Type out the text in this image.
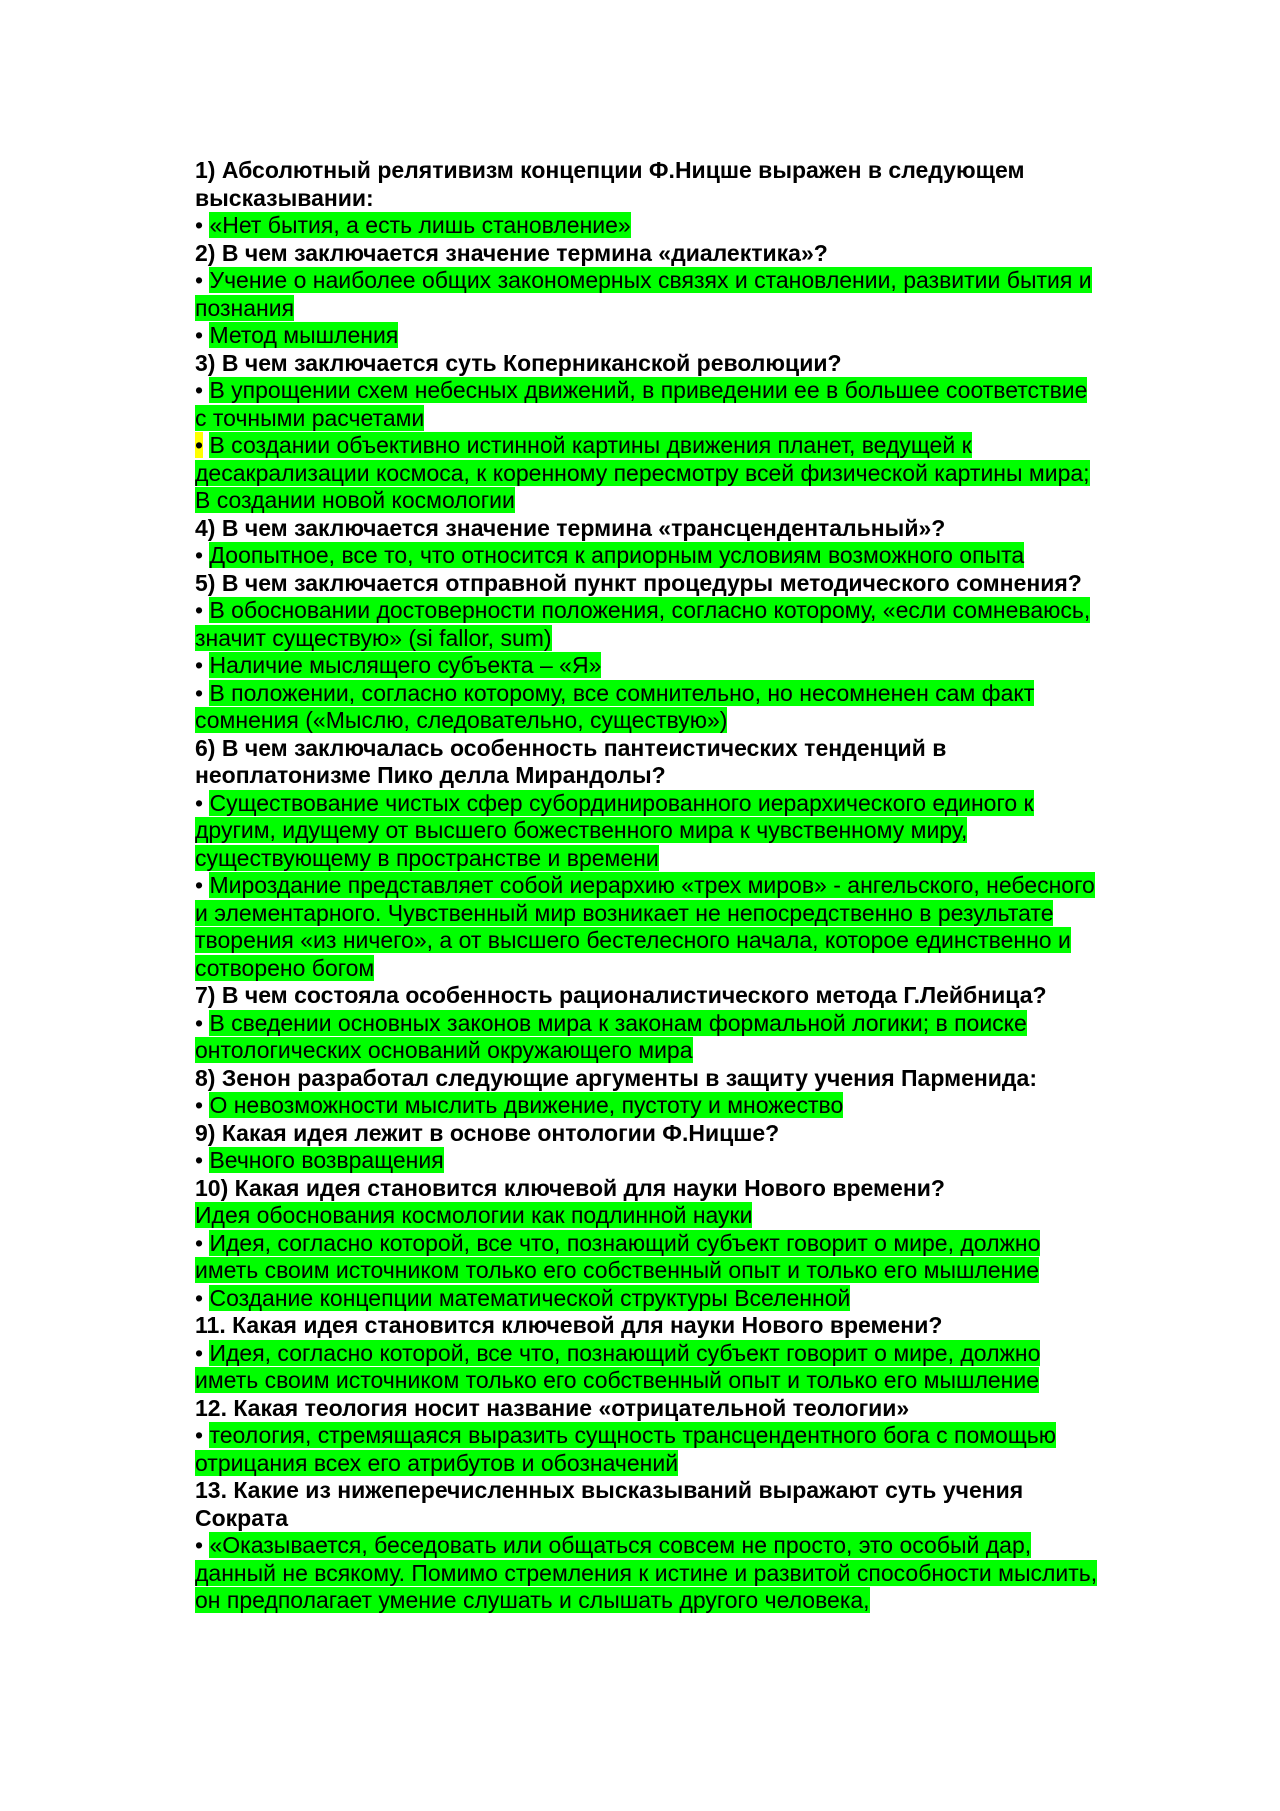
1) Абсолютный релятивизм концепции Ф.Ницше выражен в следующем высказывании:

• «Нет бытия, а есть лишь становление»

2) В чем заключается значение термина «диалектика»?

• Учение о наиболее общих закономерных связях и становлении, развитии бытия и познания

• Метод мышления

3) В чем заключается суть Коперниканской революции?

• В упрощении схем небесных движений, в приведении ее в большее соответствие с точными расчетами

• В создании объективно истинной картины движения планет, ведущей к десакрализации космоса, к коренному пересмотру всей физической картины мира;

В создании новой космологии

4) В чем заключается значение термина «трансцендентальный»?

• Доопытное, все то, что относится к априорным условиям возможного опыта

5) В чем заключается отправной пункт процедуры методического сомнения?

• В обосновании достоверности положения, согласно которому, «если сомневаюсь, значит существую» (si fallor, sum)

• Наличие мыслящего субъекта – «Я»

• В положении, согласно которому, все сомнительно, но несомненен сам факт сомнения («Мыслю, следовательно, существую»)

6) В чем заключалась особенность пантеистических тенденций в неоплатонизме Пико делла Мирандолы?

• Существование чистых сфер субординированного иерархического единого к другим, идущему от высшего божественного мира к чувственному миру, существующему в пространстве и времени

• Мироздание представляет собой иерархию «трех миров» - ангельского, небесного и элементарного. Чувственный мир возникает не непосредственно в результате творения «из ничего», а от высшего бестелесного начала, которое единственно и сотворено богом

7) В чем состояла особенность рационалистического метода Г.Лейбница?

• В сведении основных законов мира к законам формальной логики; в поиске онтологических оснований окружающего мира

8) Зенон разработал следующие аргументы в защиту учения Парменида:

• О невозможности мыслить движение, пустоту и множество

9) Какая идея лежит в основе онтологии Ф.Ницше?

• Вечного возвращения

10) Какая идея становится ключевой для науки Нового времени?

Идея обоснования космологии как подлинной науки

• Идея, согласно которой, все что, познающий субъект говорит о мире, должно иметь своим источником только его собственный опыт и только его мышление

• Создание концепции математической структуры Вселенной

11. Какая идея становится ключевой для науки Нового времени?

• Идея, согласно которой, все что, познающий субъект говорит о мире, должно иметь своим источником только его собственный опыт и только его мышление

12. Какая теология носит название «отрицательной теологии»

• теология, стремящаяся выразить сущность трансцендентного бога с помощью отрицания всех его атрибутов и обозначений

13. Какие из нижеперечисленных высказываний выражают суть учения Сократа

• «Оказывается, беседовать или общаться совсем не просто, это особый дар, данный не всякому. Помимо стремления к истине и развитой способности мыслить, он предполагает умение слушать и слышать другого человека,
